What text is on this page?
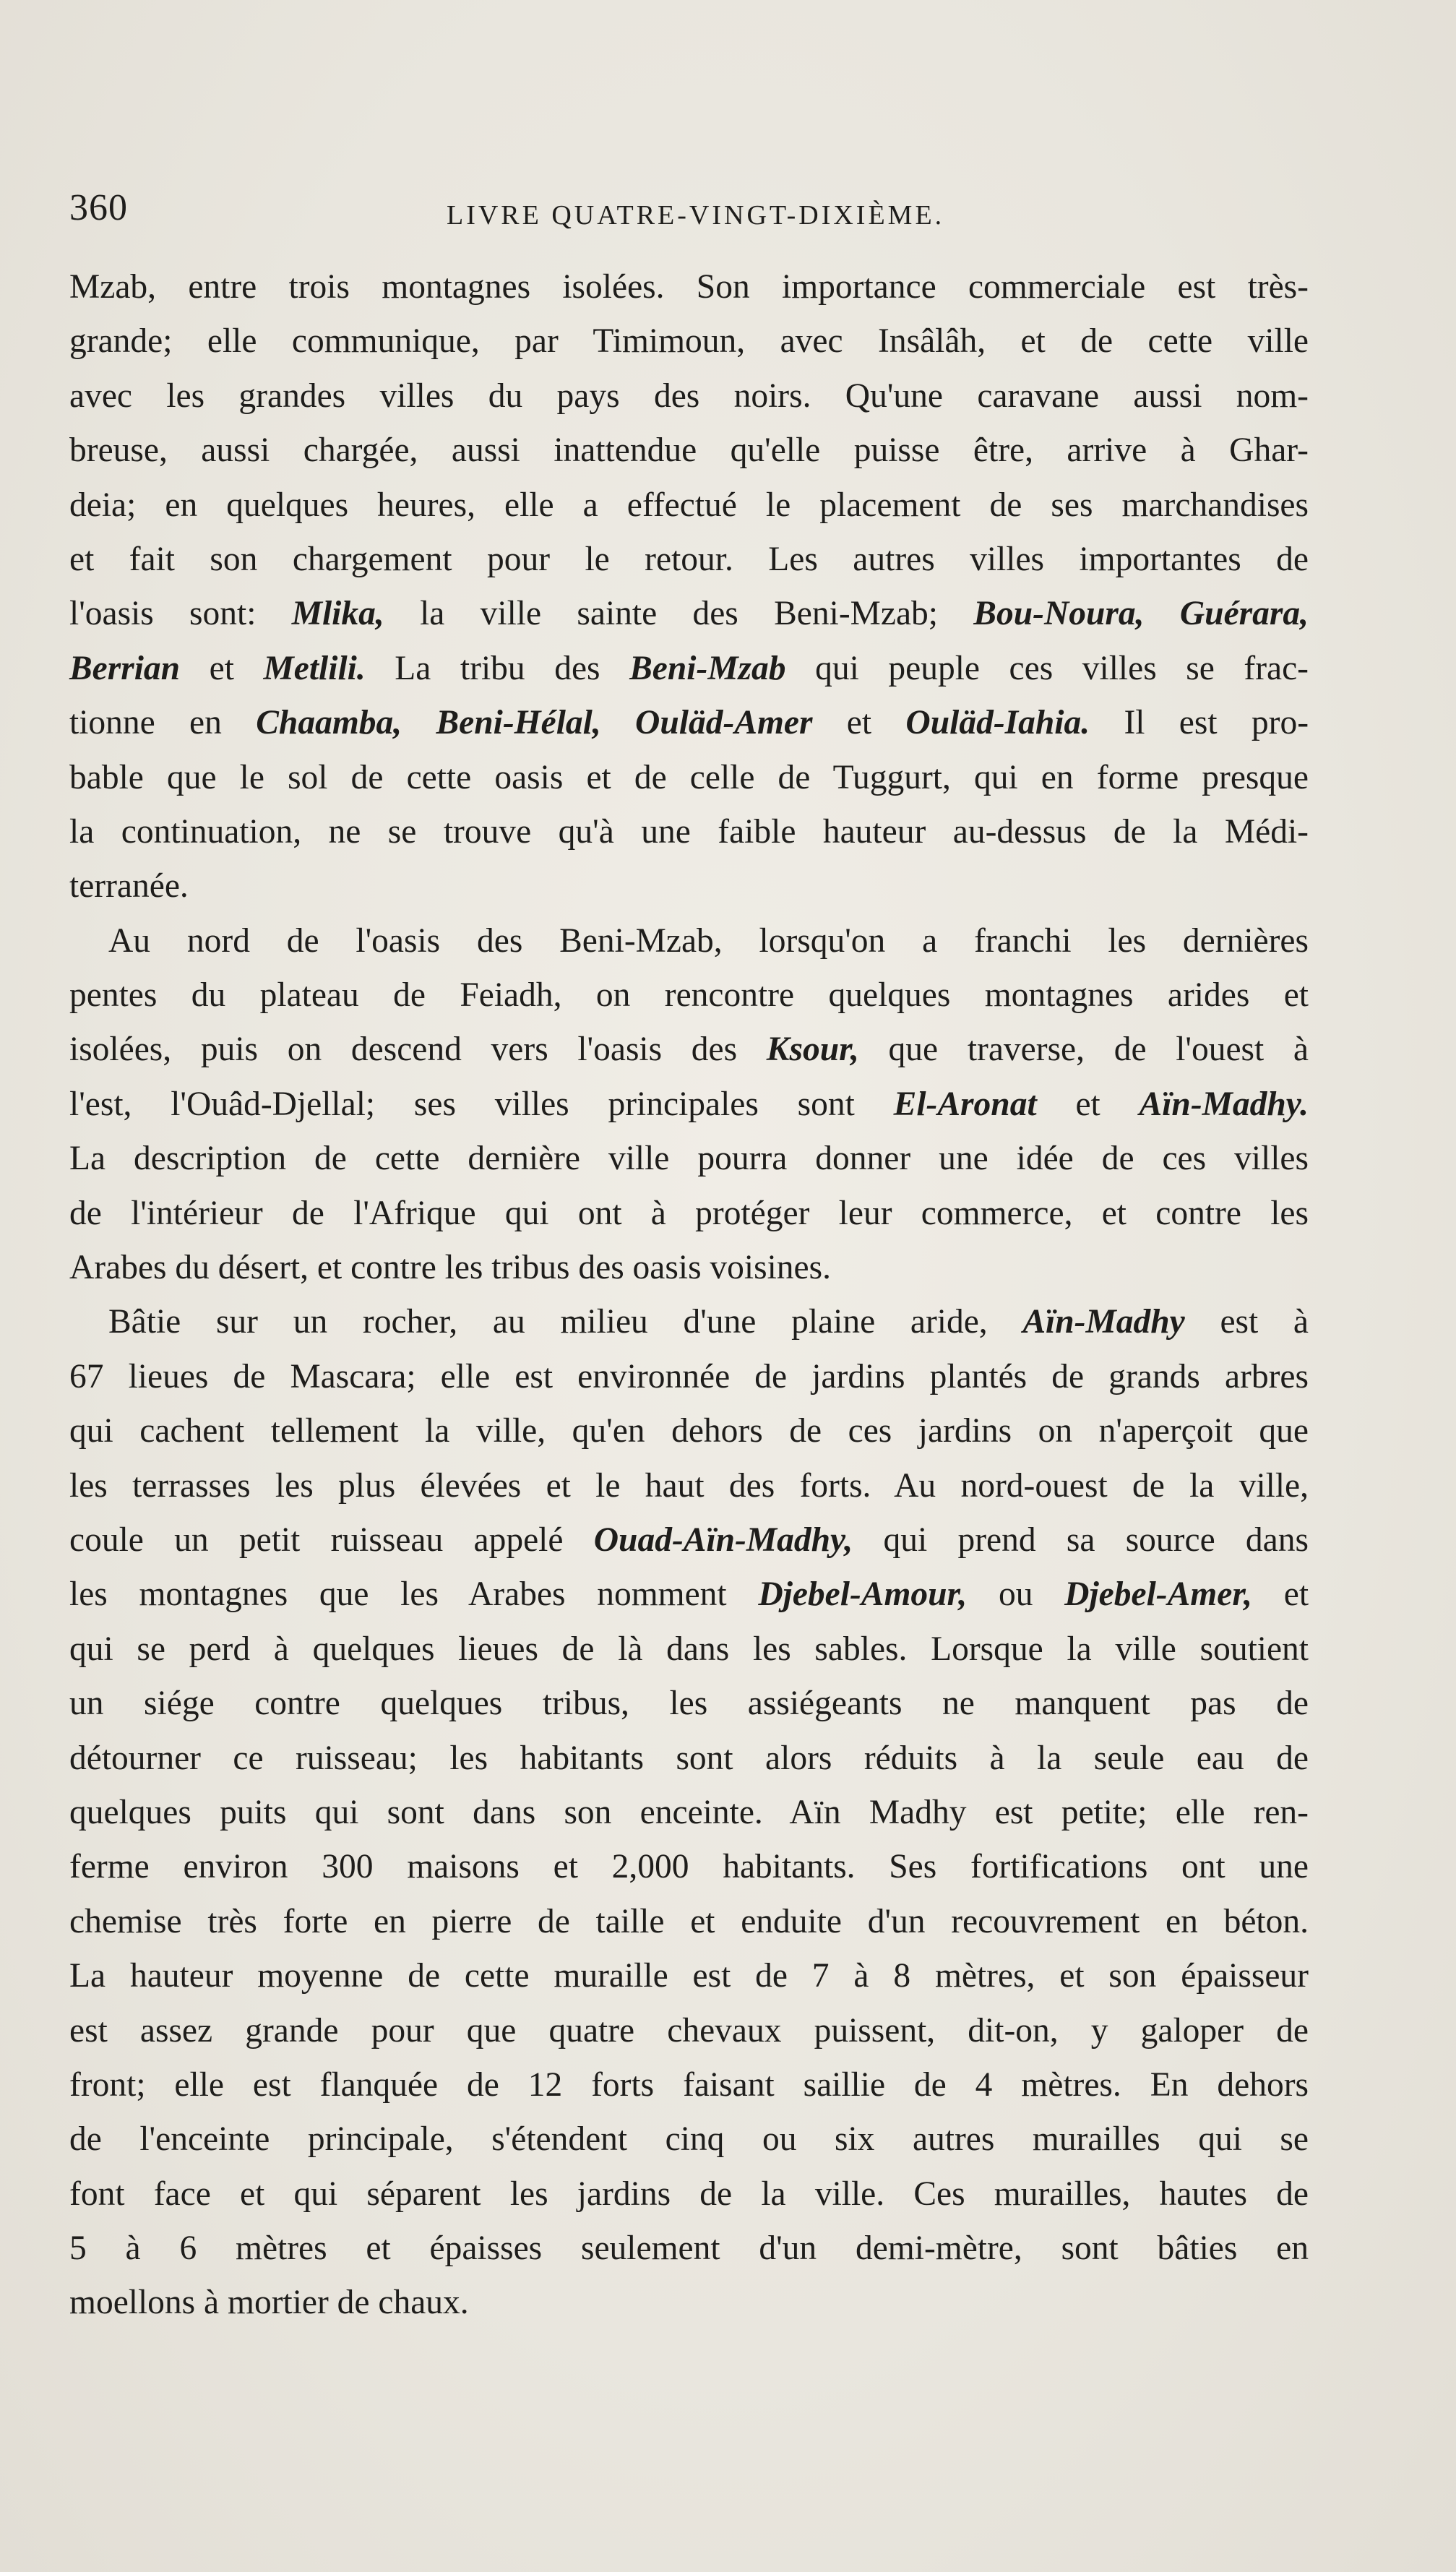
360	LIVRE QUATRE-VINGT-DIXIÈME.
Mzab, entre trois montagnes isolées. Son importance commerciale est très-
grande; elle communique, par Timimoun, avec Insâlâh, et de cette ville
avec les grandes villes du pays des noirs. Qu'une caravane aussi nom-
breuse, aussi chargée, aussi inattendue qu'elle puisse être, arrive à Ghar-
deia; en quelques heures, elle a effectué le placement de ses marchandises
et fait son chargement pour le retour. Les autres villes importantes de
l'oasis sont: Mlika, la ville sainte des Beni-Mzab; Bou-Noura, Guérara,
Berrian et Metlili. La tribu des Beni-Mzab qui peuple ces villes se frac-
tionne en Chaamba, Beni-Hélal, Ouläd-Amer et Ouläd-Iahia. Il est pro-
bable que le sol de cette oasis et de celle de Tuggurt, qui en forme presque
la continuation, ne se trouve qu'à une faible hauteur au-dessus de la Médi-
terranée.
Au nord de l'oasis des Beni-Mzab, lorsqu'on a franchi les dernières
pentes du plateau de Feiadh, on rencontre quelques montagnes arides et
isolées, puis on descend vers l'oasis des Ksour, que traverse, de l'ouest à
l'est, l'Ouâd-Djellal; ses villes principales sont El-Aronat et Aïn-Madhy.
La description de cette dernière ville pourra donner une idée de ces villes
de l'intérieur de l'Afrique qui ont à protéger leur commerce, et contre les
Arabes du désert, et contre les tribus des oasis voisines.
Bâtie sur un rocher, au milieu d'une plaine aride, Aïn-Madhy est à
67 lieues de Mascara; elle est environnée de jardins plantés de grands arbres
qui cachent tellement la ville, qu'en dehors de ces jardins on n'aperçoit que
les terrasses les plus élevées et le haut des forts. Au nord-ouest de la ville,
coule un petit ruisseau appelé Ouad-Aïn-Madhy, qui prend sa source dans
les montagnes que les Arabes nomment Djebel-Amour, ou Djebel-Amer, et
qui se perd à quelques lieues de là dans les sables. Lorsque la ville soutient
un siége contre quelques tribus, les assiégeants ne manquent pas de
détourner ce ruisseau; les habitants sont alors réduits à la seule eau de
quelques puits qui sont dans son enceinte. Aïn Madhy est petite; elle ren-
ferme environ 300 maisons et 2,000 habitants. Ses fortifications ont une
chemise très forte en pierre de taille et enduite d'un recouvrement en béton.
La hauteur moyenne de cette muraille est de 7 à 8 mètres, et son épaisseur
est assez grande pour que quatre chevaux puissent, dit-on, y galoper de
front; elle est flanquée de 12 forts faisant saillie de 4 mètres. En dehors
de l'enceinte principale, s'étendent cinq ou six autres murailles qui se
font face et qui séparent les jardins de la ville. Ces murailles, hautes de
5 à 6 mètres et épaisses seulement d'un demi-mètre, sont bâties en
moellons à mortier de chaux.
